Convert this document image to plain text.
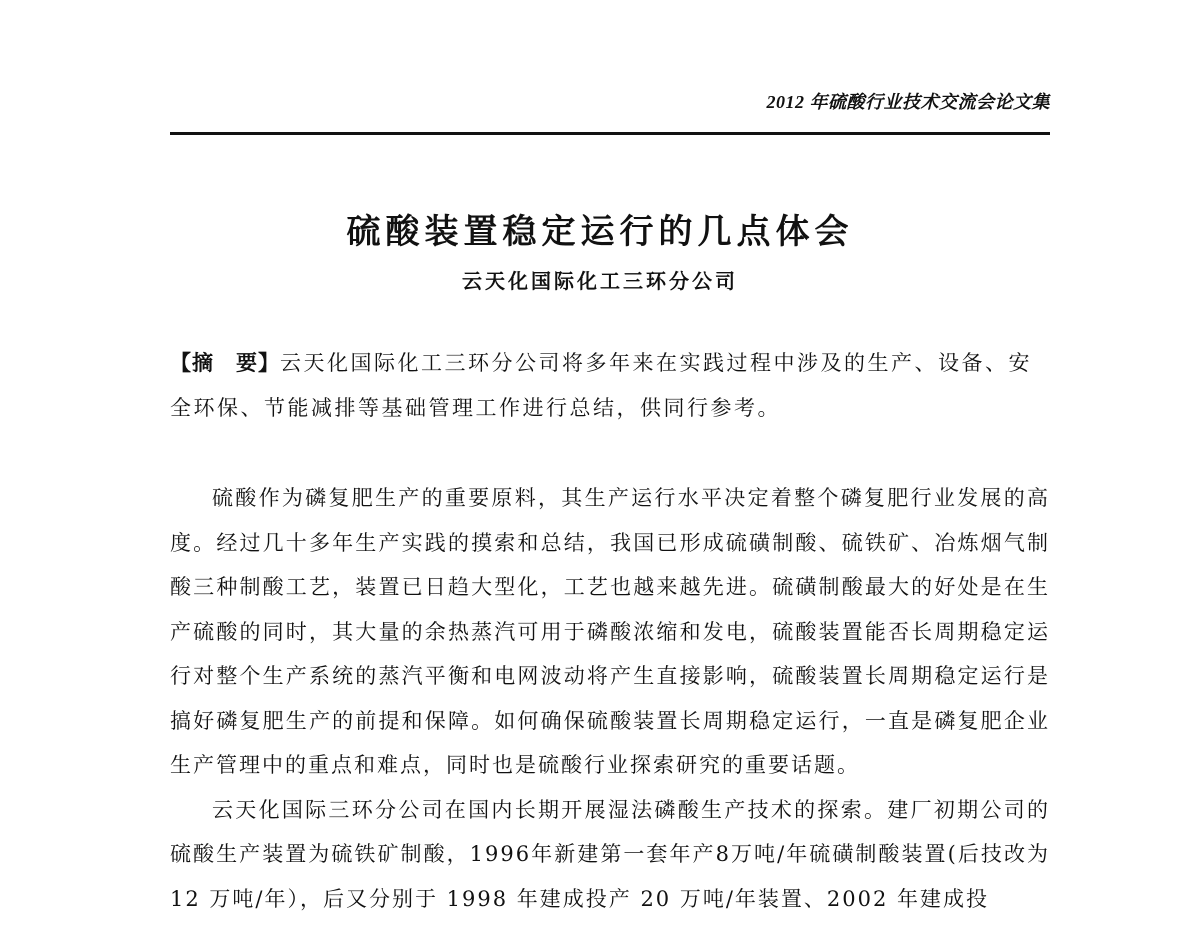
2012 年硫酸行业技术交流会论文集
硫酸装置稳定运行的几点体会
云天化国际化工三环分公司
【摘　要】云天化国际化工三环分公司将多年来在实践过程中涉及的生产、设备、安全环保、节能减排等基础管理工作进行总结，供同行参考。

硫酸作为磷复肥生产的重要原料，其生产运行水平决定着整个磷复肥行业发展的高度。经过几十多年生产实践的摸索和总结，我国已形成硫磺制酸、硫铁矿、冶炼烟气制酸三种制酸工艺，装置已日趋大型化，工艺也越来越先进。硫磺制酸最大的好处是在生产硫酸的同时，其大量的余热蒸汽可用于磷酸浓缩和发电，硫酸装置能否长周期稳定运行对整个生产系统的蒸汽平衡和电网波动将产生直接影响，硫酸装置长周期稳定运行是搞好磷复肥生产的前提和保障。如何确保硫酸装置长周期稳定运行，一直是磷复肥企业生产管理中的重点和难点，同时也是硫酸行业探索研究的重要话题。

云天化国际三环分公司在国内长期开展湿法磷酸生产技术的探索。建厂初期公司的硫酸生产装置为硫铁矿制酸，1996年新建第一套年产8万吨/年硫磺制酸装置(后技改为 12 万吨/年），后又分别于 1998 年建成投产 20 万吨/年装置、2002 年建成投
